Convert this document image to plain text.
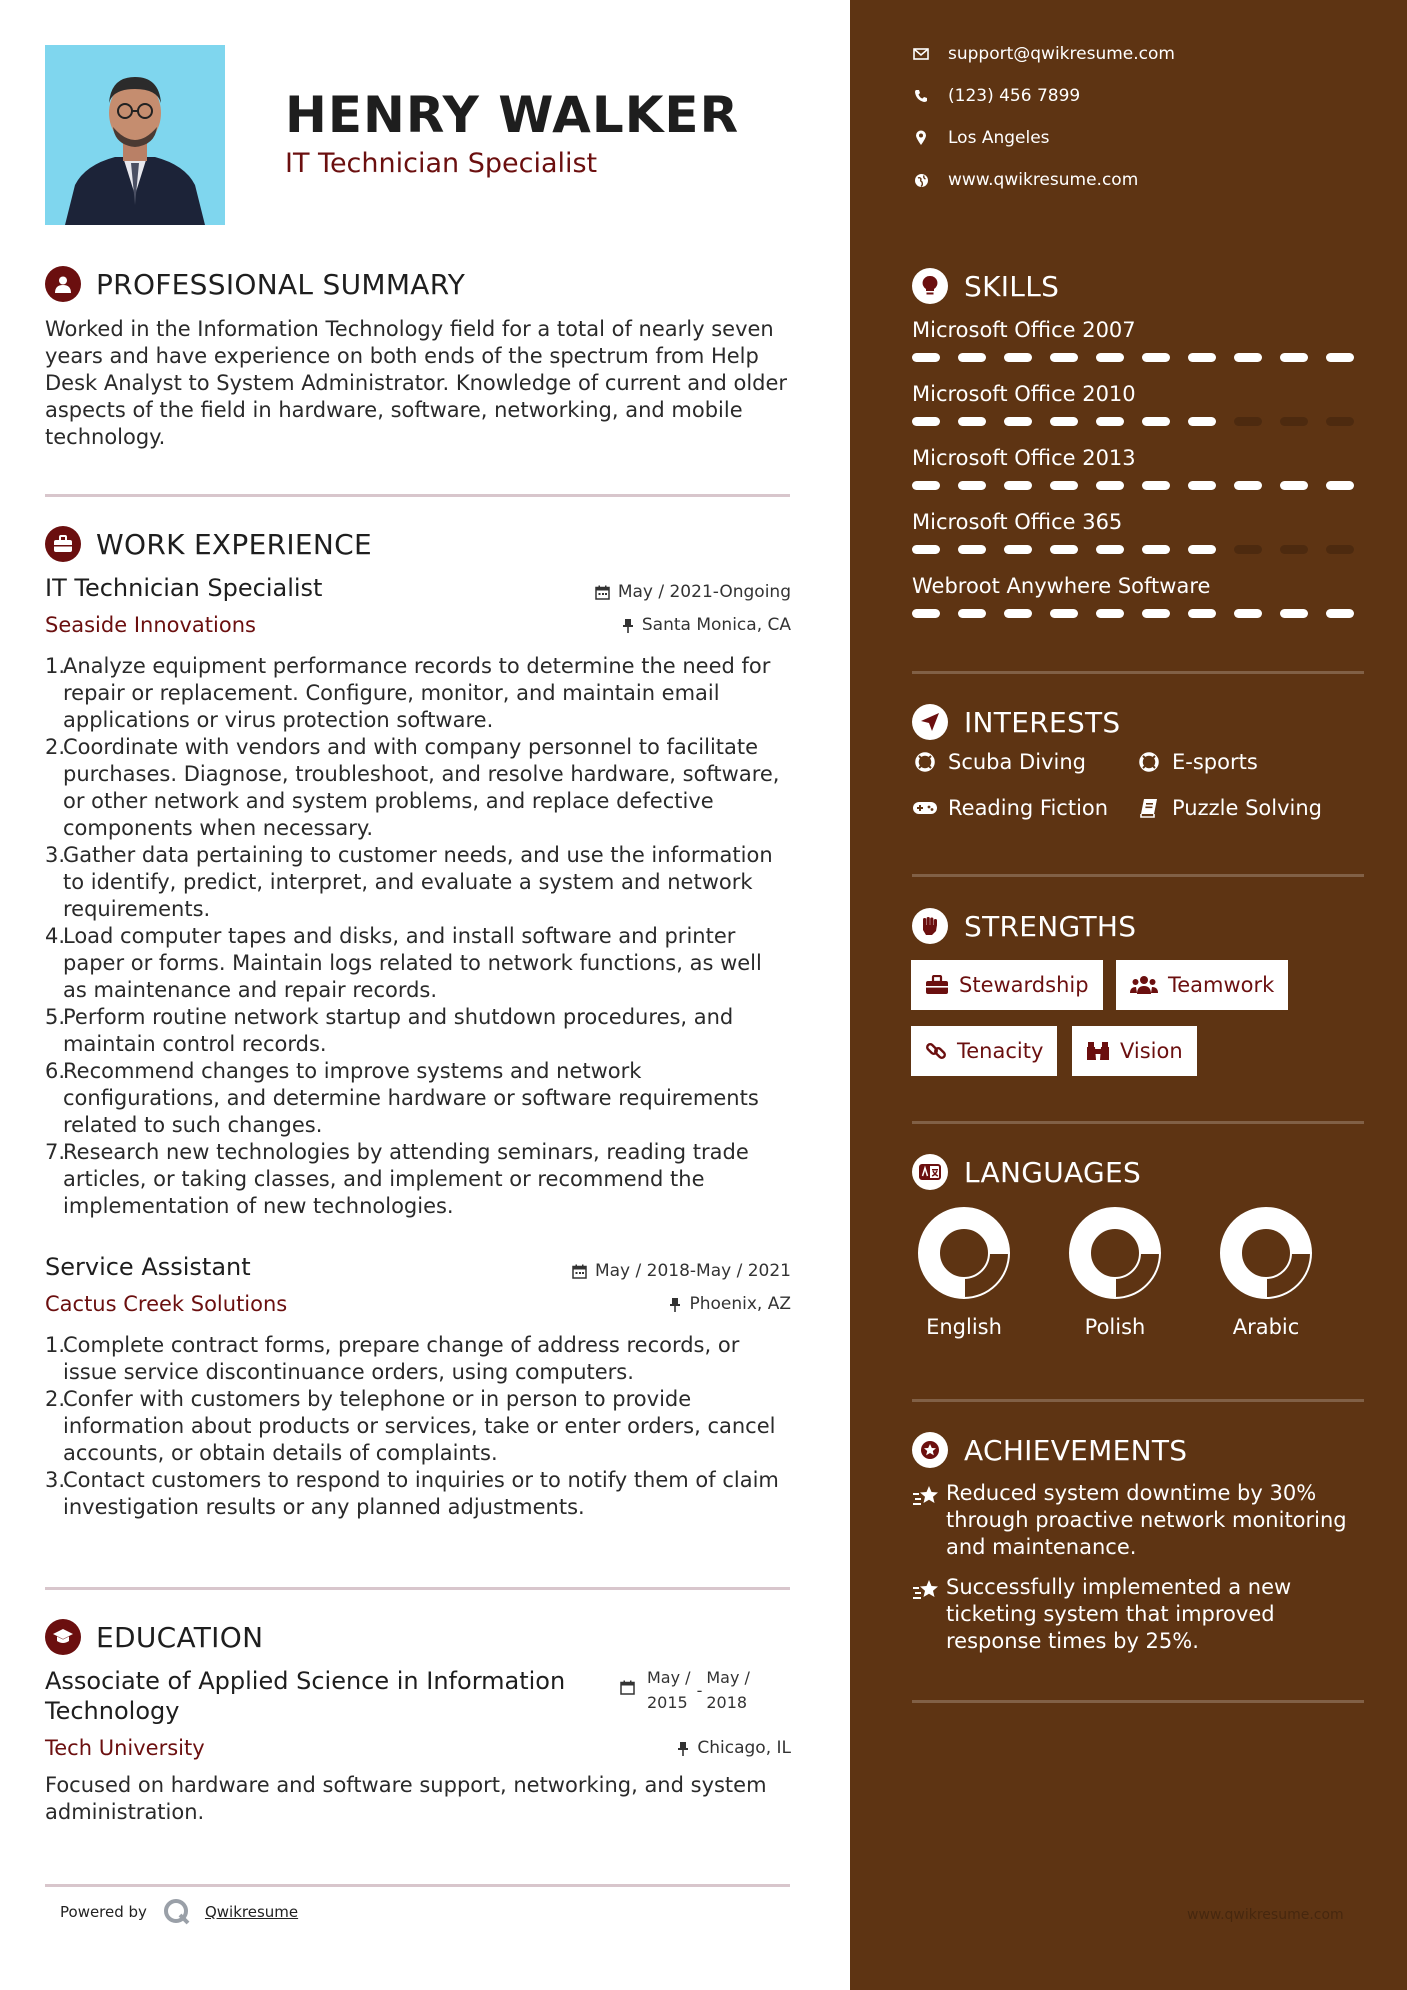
HENRY WALKER
IT Technician Specialist
PROFESSIONAL SUMMARY
Worked in the Information Technology field for a total of nearly seven years and have experience on both ends of the spectrum from Help Desk Analyst to System Administrator. Knowledge of current and older aspects of the field in hardware, software, networking, and mobile technology.
WORK EXPERIENCE
IT Technician Specialist	May / 2021-Ongoing
Seaside Innovations	Santa Monica, CA
1.
Analyze equipment performance records to determine the need for repair or replacement. Configure, monitor, and maintain email applications or virus protection software.
2.
Coordinate with vendors and with company personnel to facilitate purchases. Diagnose, troubleshoot, and resolve hardware, software, or other network and system problems, and replace defective components when necessary.
3.
Gather data pertaining to customer needs, and use the information to identify, predict, interpret, and evaluate a system and network requirements.
4.
Load computer tapes and disks, and install software and printer paper or forms. Maintain logs related to network functions, as well as maintenance and repair records.
5.
Perform routine network startup and shutdown procedures, and maintain control records.
6.
Recommend changes to improve systems and network configurations, and determine hardware or software requirements related to such changes.
7.
Research new technologies by attending seminars, reading trade articles, or taking classes, and implement or recommend the implementation of new technologies.
Service Assistant	May / 2018-May / 2021
Cactus Creek Solutions	Phoenix, AZ
1.
Complete contract forms, prepare change of address records, or issue service discontinuance orders, using computers.
2.
Confer with customers by telephone or in person to provide information about products or services, take or enter orders, cancel accounts, or obtain details of complaints.
3.
Contact customers to respond to inquiries or to notify them of claim investigation results or any planned adjustments.
EDUCATION
Associate of Applied Science in Information Technology
May /
2015
-
May /
2018
Tech University	Chicago, IL
Focused on hardware and software support, networking, and system administration.
Powered by	Qwikresume
support@qwikresume.com
(123) 456 7899
Los Angeles
www.qwikresume.com
SKILLS
Microsoft Office 2007
Microsoft Office 2010
Microsoft Office 2013
Microsoft Office 365
Webroot Anywhere Software
INTERESTS
Scuba Diving	E-sports
Reading Fiction	Puzzle Solving
STRENGTHS
Stewardship	Teamwork
Tenacity	Vision
LANGUAGES
English	Polish	Arabic
ACHIEVEMENTS
Reduced system downtime by 30% through proactive network monitoring and maintenance.
Successfully implemented a new ticketing system that improved response times by 25%.
www.qwikresume.com
